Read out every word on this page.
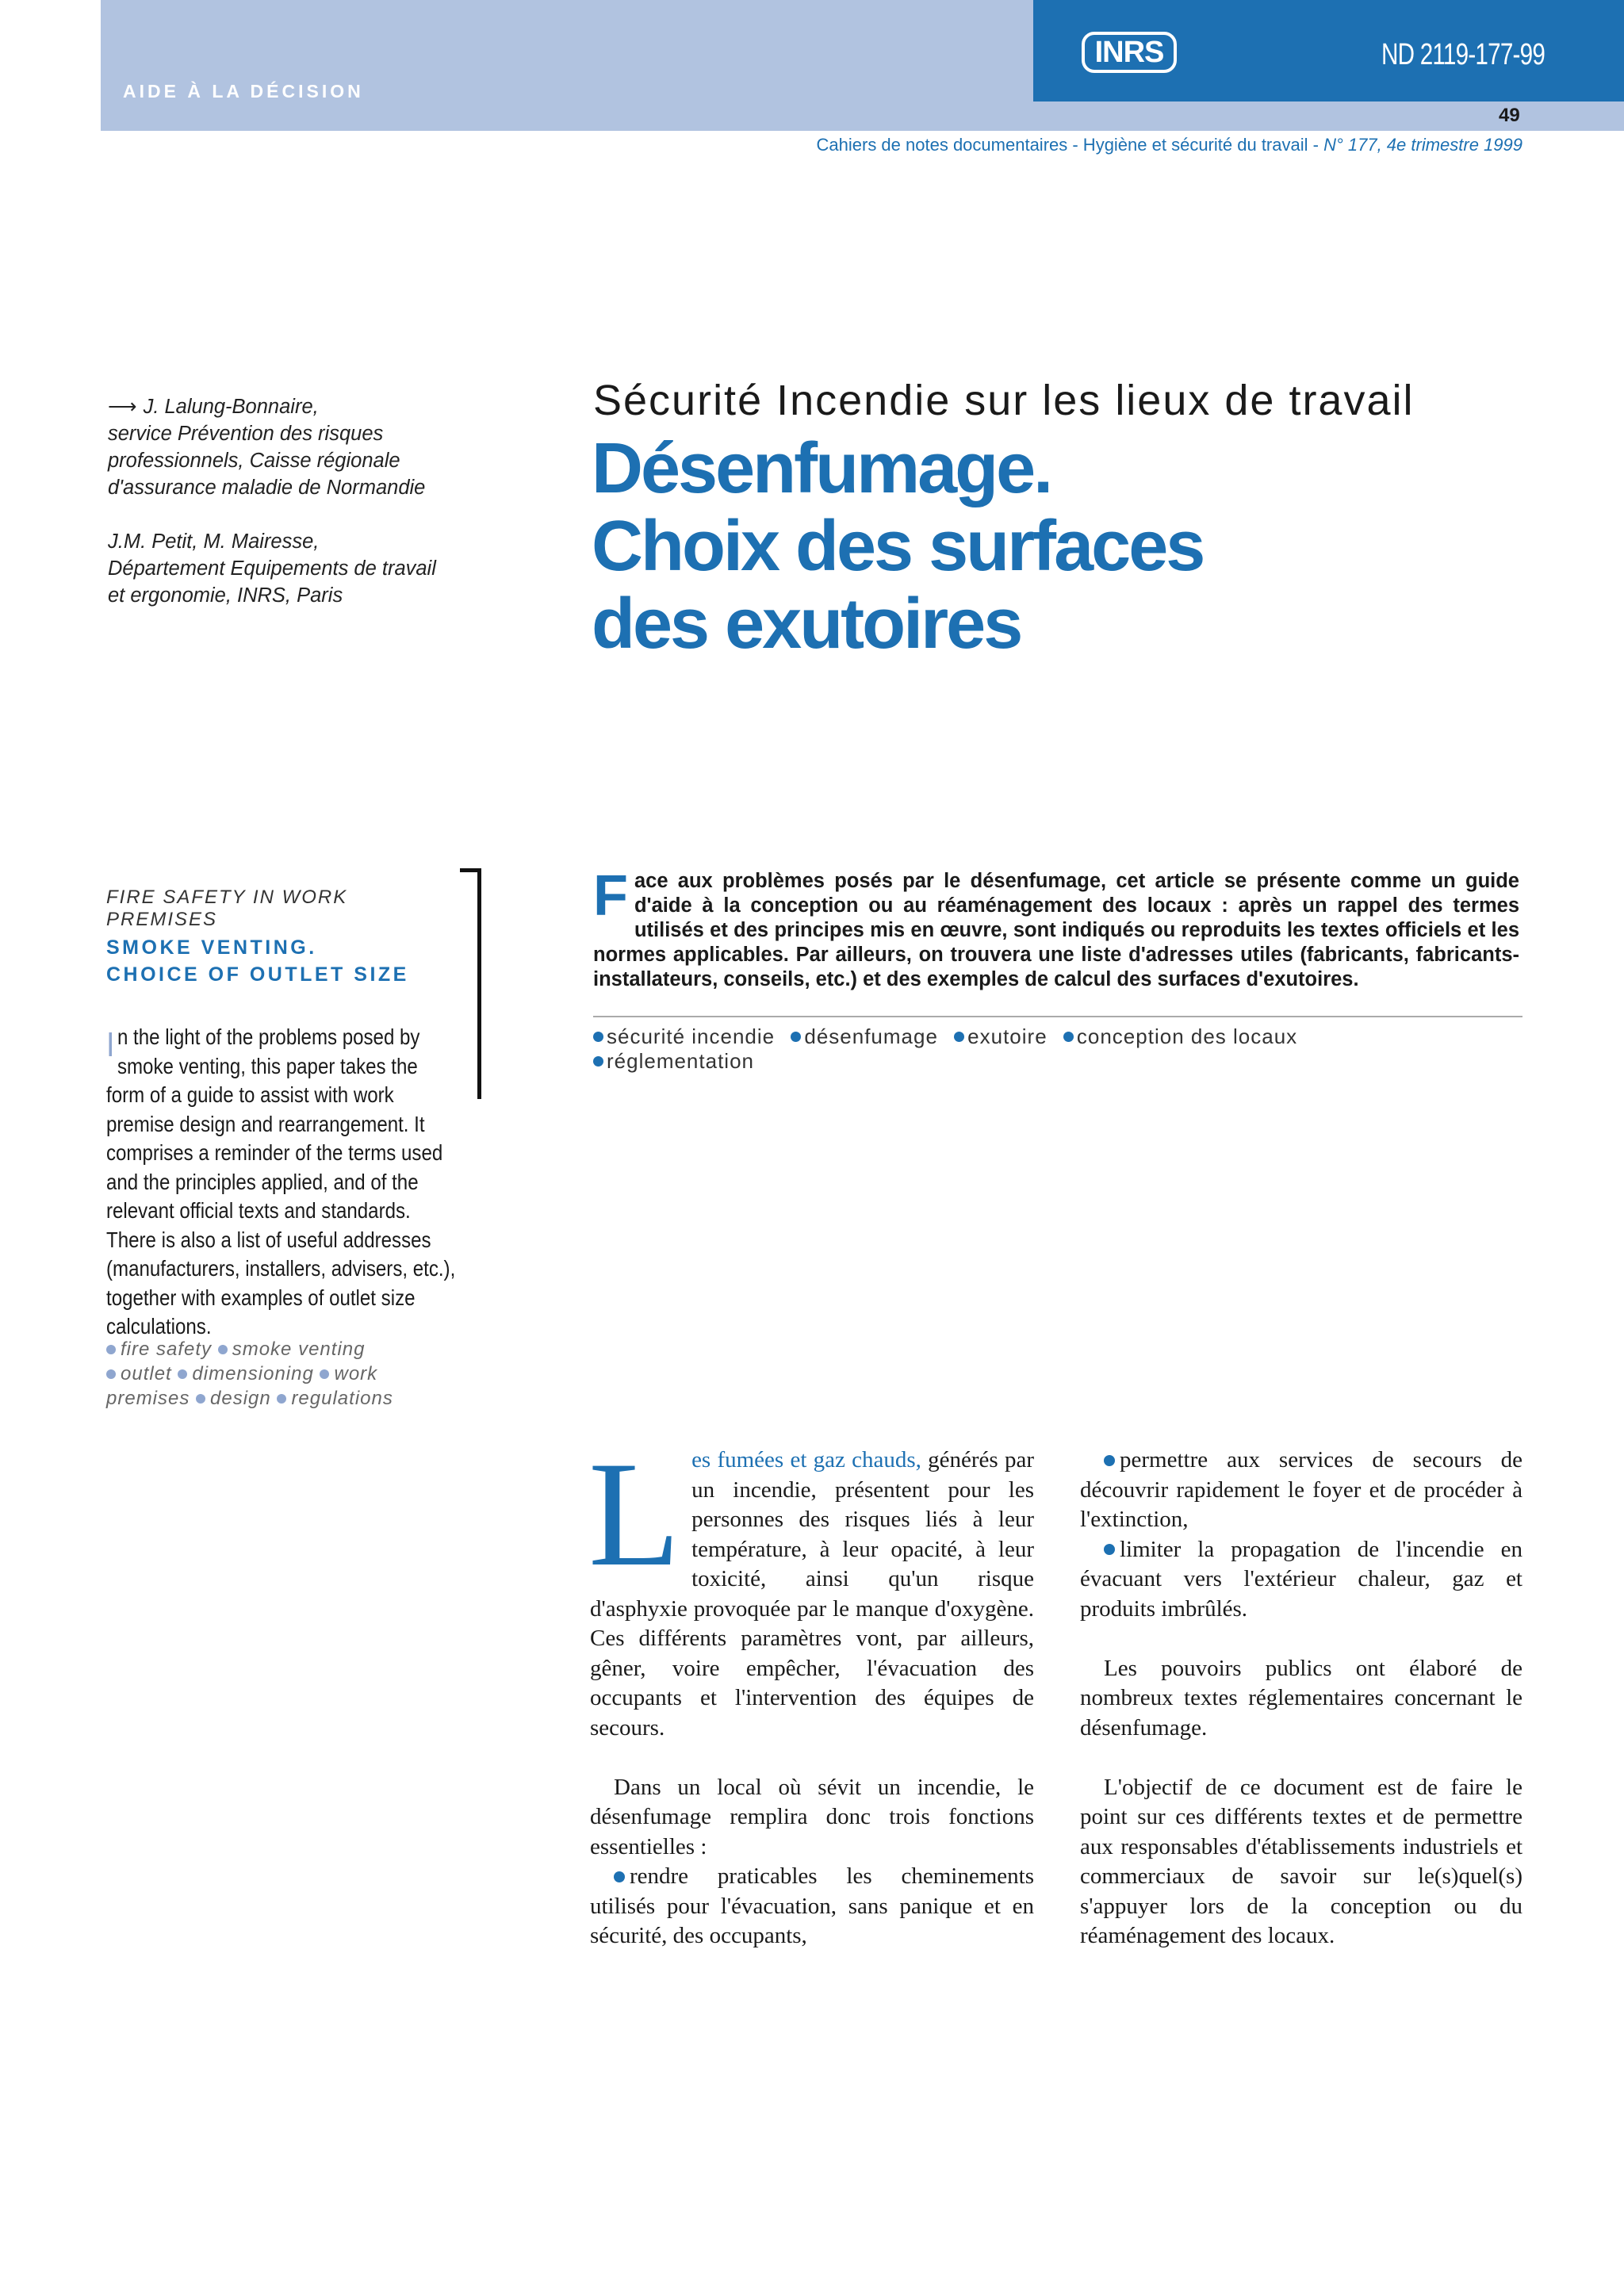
AIDE À LA DÉCISION
INRS	ND 2119-177-99
49
Cahiers de notes documentaires - Hygiène et sécurité du travail - N° 177, 4e trimestre 1999

⟶ J. Lalung-Bonnaire,
service Prévention des risques
professionnels, Caisse régionale
d'assurance maladie de Normandie

J.M. Petit, M. Mairesse,
Département Equipements de travail
et ergonomie, INRS, Paris

Sécurité Incendie sur les lieux de travail
Désenfumage.
Choix des surfaces
des exutoires
FIRE SAFETY IN WORK PREMISES
SMOKE VENTING.
CHOICE OF OUTLET SIZE
In the light of the problems posed by smoke venting, this paper takes the form of a guide to assist with work premise design and rearrangement. It comprises a reminder of the terms used and the principles applied, and of the relevant official texts and standards. There is also a list of useful addresses (manufacturers, installers, advisers, etc.), together with examples of outlet size calculations.
fire safety smoke venting
outlet dimensioning work premises design regulations
Face aux problèmes posés par le désenfumage, cet article se présente comme un guide d'aide à la conception ou au réaménagement des locaux : après un rappel des termes utilisés et des principes mis en œuvre, sont indiqués ou reproduits les textes officiels et les normes applicables. Par ailleurs, on trouvera une liste d'adresses utiles (fabricants, fabricants-installateurs, conseils, etc.) et des exemples de calcul des surfaces d'exutoires.
sécurité incendie désenfumage exutoire conception des locaux
réglementation

Les fumées et gaz chauds, générés par un incendie, présentent pour les personnes des risques liés à leur température, à leur opacité, à leur toxicité, ainsi qu'un risque d'asphyxie provoquée par le manque d'oxygène. Ces différents paramètres vont, par ailleurs, gêner, voire empêcher, l'évacuation des occupants et l'intervention des équipes de secours.

Dans un local où sévit un incendie, le désenfumage remplira donc trois fonctions essentielles :

rendre praticables les cheminements utilisés pour l'évacuation, sans panique et en sécurité, des occupants,

permettre aux services de secours de découvrir rapidement le foyer et de procéder à l'extinction,

limiter la propagation de l'incendie en évacuant vers l'extérieur chaleur, gaz et produits imbrûlés.

Les pouvoirs publics ont élaboré de nombreux textes réglementaires concernant le désenfumage.

L'objectif de ce document est de faire le point sur ces différents textes et de permettre aux responsables d'établissements industriels et commerciaux de savoir sur le(s)quel(s) s'appuyer lors de la conception ou du réaménagement des locaux.
